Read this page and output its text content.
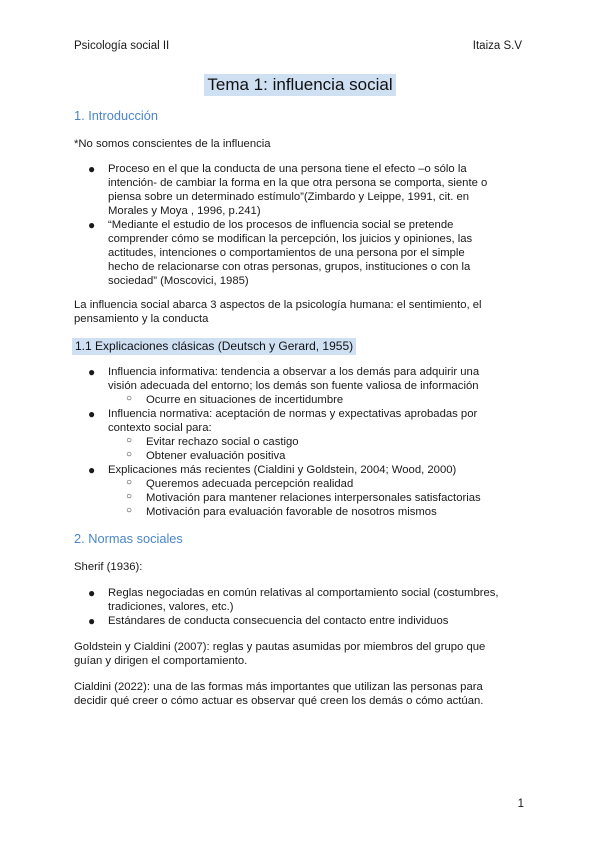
Psicología social II	Itaiza S.V
Tema 1: influencia social
1. Introducción
*No somos conscientes de la influencia
● Proceso en el que la conducta de una persona tiene el efecto –o sólo la
intención- de cambiar la forma en la que otra persona se comporta, siente o
piensa sobre un determinado estímulo”(Zimbardo y Leippe, 1991, cit. en
Morales y Moya , 1996, p.241)
● “Mediante el estudio de los procesos de influencia social se pretende
comprender cómo se modifican la percepción, los juicios y opiniones, las
actitudes, intenciones o comportamientos de una persona por el simple
hecho de relacionarse con otras personas, grupos, instituciones o con la
sociedad” (Moscovici, 1985)
La influencia social abarca 3 aspectos de la psicología humana: el sentimiento, el
pensamiento y la conducta
1.1 Explicaciones clásicas (Deutsch y Gerard, 1955)
● Influencia informativa: tendencia a observar a los demás para adquirir una
visión adecuada del entorno; los demás son fuente valiosa de información
○ Ocurre en situaciones de incertidumbre
● Influencia normativa: aceptación de normas y expectativas aprobadas por
contexto social para:
○ Evitar rechazo social o castigo
○ Obtener evaluación positiva
● Explicaciones más recientes (Cialdini y Goldstein, 2004; Wood, 2000)
○ Queremos adecuada percepción realidad
○ Motivación para mantener relaciones interpersonales satisfactorias
○ Motivación para evaluación favorable de nosotros mismos
2. Normas sociales
Sherif (1936):
● Reglas negociadas en común relativas al comportamiento social (costumbres,
tradiciones, valores, etc.)
● Estándares de conducta consecuencia del contacto entre individuos
Goldstein y Cialdini (2007): reglas y pautas asumidas por miembros del grupo que
guían y dirigen el comportamiento.
Cialdini (2022): una de las formas más importantes que utilizan las personas para
decidir qué creer o cómo actuar es observar qué creen los demás o cómo actúan.
1
